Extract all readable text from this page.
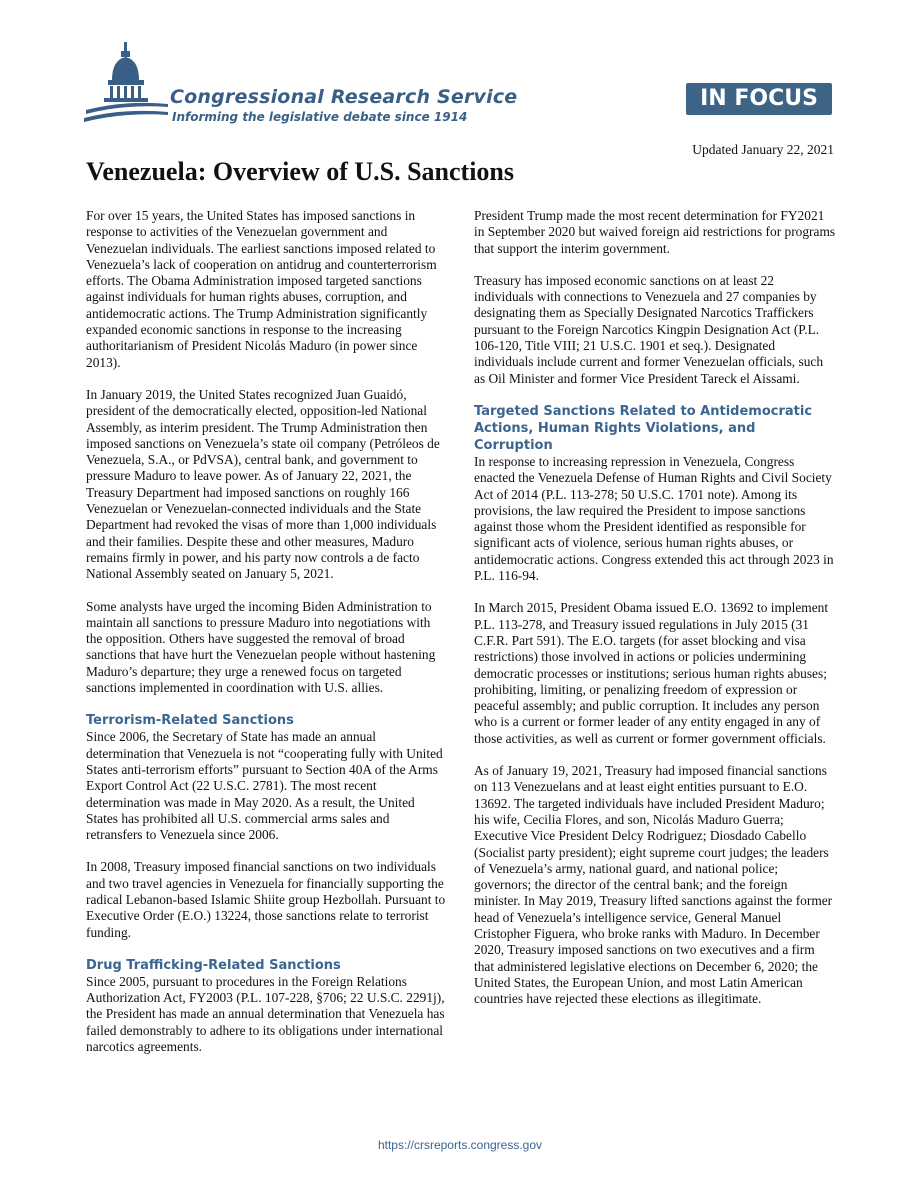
Congressional Research Service
Informing the legislative debate since 1914
IN FOCUS
Updated January 22, 2021
Venezuela: Overview of U.S. Sanctions

For over 15 years, the United States has imposed sanctions in response to activities of the Venezuelan government and Venezuelan individuals. The earliest sanctions imposed related to Venezuela’s lack of cooperation on antidrug and counterterrorism efforts. The Obama Administration imposed targeted sanctions against individuals for human rights abuses, corruption, and antidemocratic actions. The Trump Administration significantly expanded economic sanctions in response to the increasing authoritarianism of President Nicolás Maduro (in power since 2013).

In January 2019, the United States recognized Juan Guaidó, president of the democratically elected, opposition-led National Assembly, as interim president. The Trump Administration then imposed sanctions on Venezuela’s state oil company (Petróleos de Venezuela, S.A., or PdVSA), central bank, and government to pressure Maduro to leave power. As of January 22, 2021, the Treasury Department had imposed sanctions on roughly 166 Venezuelan or Venezuelan-connected individuals and the State Department had revoked the visas of more than 1,000 individuals and their families. Despite these and other measures, Maduro remains firmly in power, and his party now controls a de facto National Assembly seated on January 5, 2021.

Some analysts have urged the incoming Biden Administration to maintain all sanctions to pressure Maduro into negotiations with the opposition. Others have suggested the removal of broad sanctions that have hurt the Venezuelan people without hastening Maduro’s departure; they urge a renewed focus on targeted sanctions implemented in coordination with U.S. allies.

Terrorism-Related Sanctions

Since 2006, the Secretary of State has made an annual determination that Venezuela is not “cooperating fully with United States anti-terrorism efforts” pursuant to Section 40A of the Arms Export Control Act (22 U.S.C. 2781). The most recent determination was made in May 2020. As a result, the United States has prohibited all U.S. commercial arms sales and retransfers to Venezuela since 2006.

In 2008, Treasury imposed financial sanctions on two individuals and two travel agencies in Venezuela for financially supporting the radical Lebanon-based Islamic Shiite group Hezbollah. Pursuant to Executive Order (E.O.) 13224, those sanctions relate to terrorist funding.

Drug Trafficking-Related Sanctions

Since 2005, pursuant to procedures in the Foreign Relations Authorization Act, FY2003 (P.L. 107-228, §706; 22 U.S.C. 2291j), the President has made an annual determination that Venezuela has failed demonstrably to adhere to its obligations under international narcotics agreements.

President Trump made the most recent determination for FY2021 in September 2020 but waived foreign aid restrictions for programs that support the interim government.

Treasury has imposed economic sanctions on at least 22 individuals with connections to Venezuela and 27 companies by designating them as Specially Designated Narcotics Traffickers pursuant to the Foreign Narcotics Kingpin Designation Act (P.L. 106-120, Title VIII; 21 U.S.C. 1901 et seq.). Designated individuals include current and former Venezuelan officials, such as Oil Minister and former Vice President Tareck el Aissami.

Targeted Sanctions Related to Antidemocratic Actions, Human Rights Violations, and Corruption

In response to increasing repression in Venezuela, Congress enacted the Venezuela Defense of Human Rights and Civil Society Act of 2014 (P.L. 113-278; 50 U.S.C. 1701 note). Among its provisions, the law required the President to impose sanctions against those whom the President identified as responsible for significant acts of violence, serious human rights abuses, or antidemocratic actions. Congress extended this act through 2023 in P.L. 116-94.

In March 2015, President Obama issued E.O. 13692 to implement P.L. 113-278, and Treasury issued regulations in July 2015 (31 C.F.R. Part 591). The E.O. targets (for asset blocking and visa restrictions) those involved in actions or policies undermining democratic processes or institutions; serious human rights abuses; prohibiting, limiting, or penalizing freedom of expression or peaceful assembly; and public corruption. It includes any person who is a current or former leader of any entity engaged in any of those activities, as well as current or former government officials.

As of January 19, 2021, Treasury had imposed financial sanctions on 113 Venezuelans and at least eight entities pursuant to E.O. 13692. The targeted individuals have included President Maduro; his wife, Cecilia Flores, and son, Nicolás Maduro Guerra; Executive Vice President Delcy Rodriguez; Diosdado Cabello (Socialist party president); eight supreme court judges; the leaders of Venezuela’s army, national guard, and national police; governors; the director of the central bank; and the foreign minister. In May 2019, Treasury lifted sanctions against the former head of Venezuela’s intelligence service, General Manuel Cristopher Figuera, who broke ranks with Maduro. In December 2020, Treasury imposed sanctions on two executives and a firm that administered legislative elections on December 6, 2020; the United States, the European Union, and most Latin American countries have rejected these elections as illegitimate.

https://crsreports.congress.gov
